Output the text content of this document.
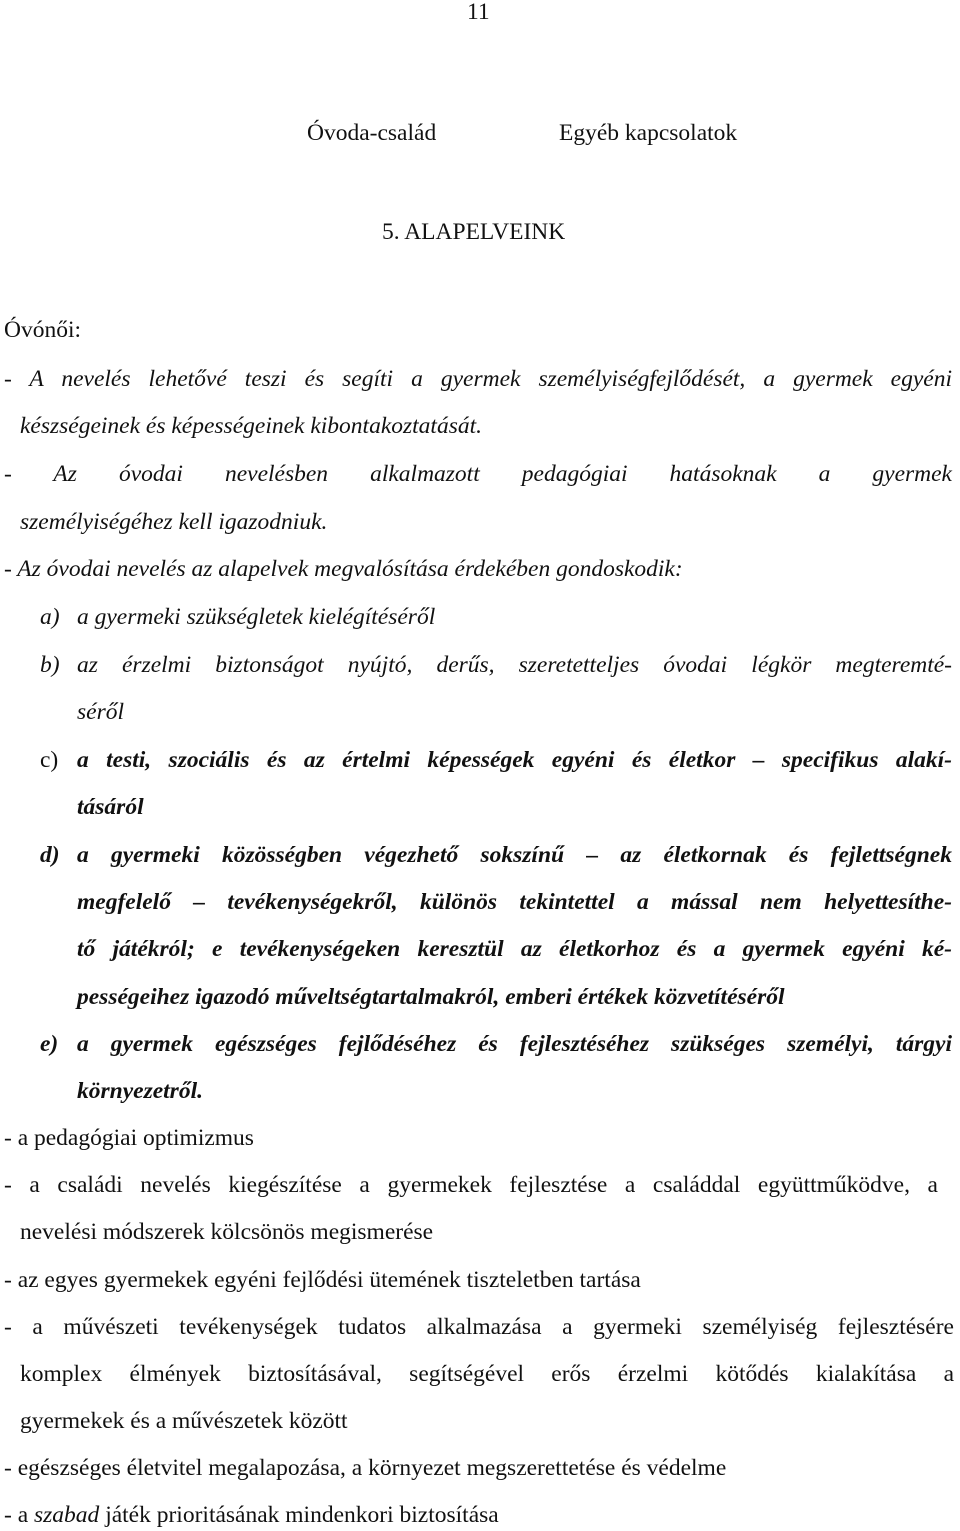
11
Óvoda-család	Egyéb kapcsolatok
5. ALAPELVEINK
Óvónői:
- A nevelés lehetővé teszi és segíti a gyermek személyiségfejlődését, a gyermek egyéni
készségeinek és képességeinek kibontakoztatását.
- Az óvodai nevelésben alkalmazott pedagógiai hatásoknak a gyermek
személyiségéhez kell igazodniuk.
- Az óvodai nevelés az alapelvek megvalósítása érdekében gondoskodik:
a) a gyermeki szükségletek kielégítéséről
b) az érzelmi biztonságot nyújtó, derűs, szeretetteljes óvodai légkör megteremté-
séről
c) a testi, szociális és az értelmi képességek egyéni és életkor – specifikus alakí-
tásáról
d) a gyermeki közösségben végezhető sokszínű – az életkornak és fejlettségnek
megfelelő – tevékenységekről, különös tekintettel a mással nem helyettesíthe-
tő játékról; e tevékenységeken keresztül az életkorhoz és a gyermek egyéni ké-
pességeihez igazodó műveltségtartalmakról, emberi értékek közvetítéséről
e) a gyermek egészséges fejlődéséhez és fejlesztéséhez szükséges személyi, tárgyi
környezetről.
- a pedagógiai optimizmus
- a családi nevelés kiegészítése a gyermekek fejlesztése a családdal együttműködve, a
nevelési módszerek kölcsönös megismerése
- az egyes gyermekek egyéni fejlődési ütemének tiszteletben tartása
- a művészeti tevékenységek tudatos alkalmazása a gyermeki személyiség fejlesztésére
komplex élmények biztosításával, segítségével erős érzelmi kötődés kialakítása a
gyermekek és a művészetek között
- egészséges életvitel megalapozása, a környezet megszerettetése és védelme
- a szabad játék prioritásának mindenkori biztosítása
